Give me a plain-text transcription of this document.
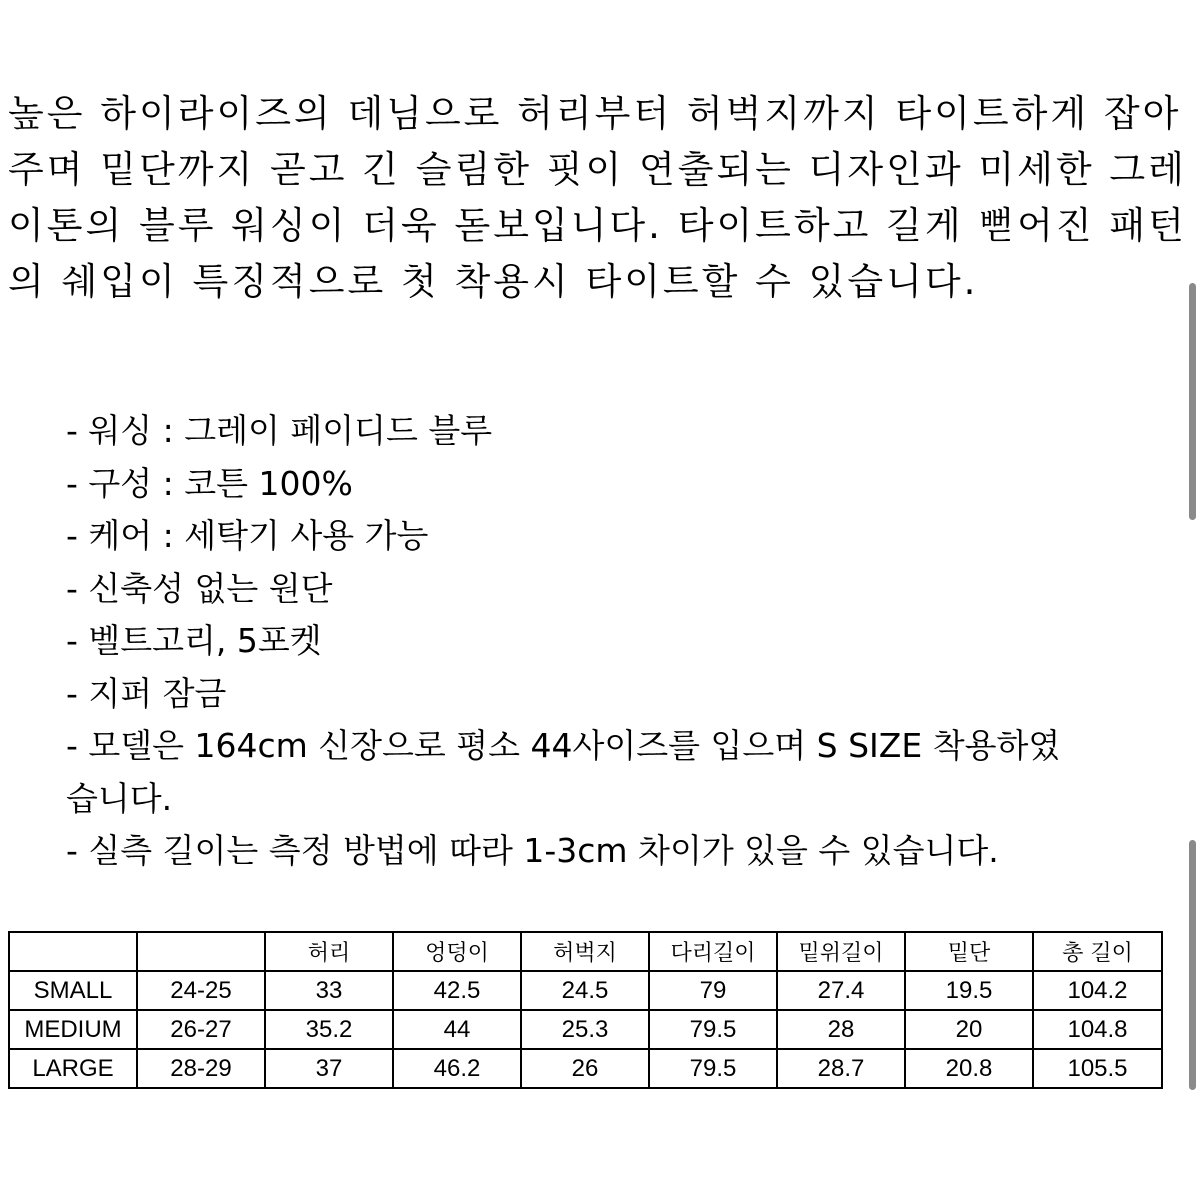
높은 하이라이즈의 데님으로 허리부터 허벅지까지 타이트하게 잡아
주며 밑단까지 곧고 긴 슬림한 핏이 연출되는 디자인과 미세한 그레
이톤의 블루 워싱이 더욱 돋보입니다. 타이트하고 길게 뻗어진 패턴
의 쉐입이 특징적으로 첫 착용시 타이트할 수 있습니다.
- 워싱 : 그레이 페이디드 블루
- 구성 : 코튼 100%
- 케어 : 세탁기 사용 가능
- 신축성 없는 원단
- 벨트고리, 5포켓
- 지퍼 잠금
- 모델은 164cm 신장으로 평소 44사이즈를 입으며 S SIZE 착용하였
습니다.
- 실측 길이는 측정 방법에 따라 1-3cm 차이가 있을 수 있습니다.
		허리	엉덩이	허벅지	다리길이	밑위길이	밑단	총 길이
SMALL	24-25	33	42.5	24.5	79	27.4	19.5	104.2
MEDIUM	26-27	35.2	44	25.3	79.5	28	20	104.8
LARGE	28-29	37	46.2	26	79.5	28.7	20.8	105.5
